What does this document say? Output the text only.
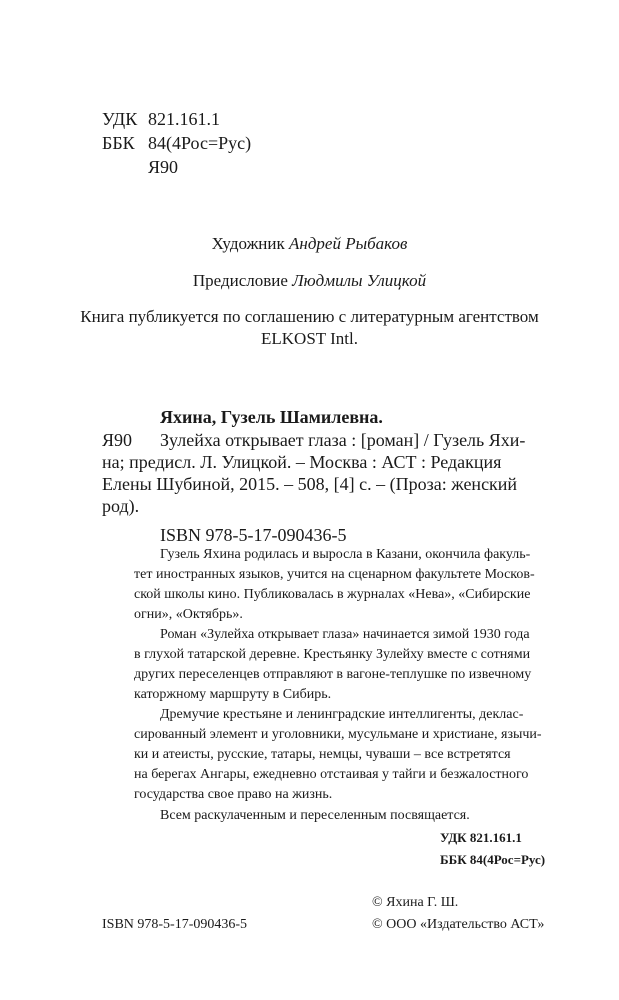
УДК 821.161.1
ББК 84(4Рос=Рус)
Я90
Художник Андрей Рыбаков
Предисловие Людмилы Улицкой
Книга публикуется по соглашению с литературным агентством
ELKOST Intl.
Яхина, Гузель Шамилевна.
Я90 Зулейха открывает глаза : [роман] / Гузель Яхи-
на; предисл. Л. Улицкой. – Москва : АСТ : Редакция
Елены Шубиной, 2015. – 508, [4] с. – (Проза: женский
род).
ISBN 978-5-17-090436-5
Гузель Яхина родилась и выросла в Казани, окончила факуль-
тет иностранных языков, учится на сценарном факультете Москов-
ской школы кино. Публиковалась в журналах «Нева», «Сибирские
огни», «Октябрь».
Роман «Зулейха открывает глаза» начинается зимой 1930 года
в глухой татарской деревне. Крестьянку Зулейху вместе с сотнями
других переселенцев отправляют в вагоне-теплушке по извечному
каторжному маршруту в Сибирь.
Дремучие крестьяне и ленинградские интеллигенты, деклас-
сированный элемент и уголовники, мусульмане и христиане, язычи-
ки и атеисты, русские, татары, немцы, чуваши – все встретятся
на берегах Ангары, ежедневно отстаивая у тайги и безжалостного
государства свое право на жизнь.
Всем раскулаченным и переселенным посвящается.
УДК 821.161.1
ББК 84(4Рос=Рус)
© Яхина Г. Ш.
ISBN 978-5-17-090436-5	© ООО «Издательство АСТ»
